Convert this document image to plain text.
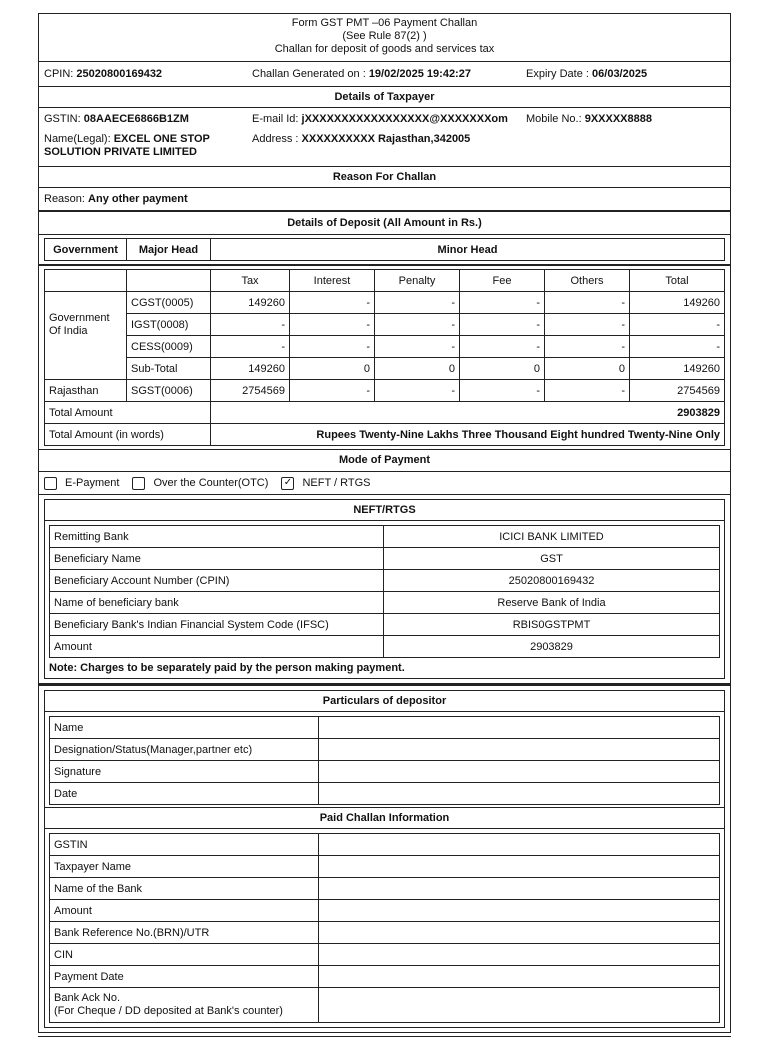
Form GST PMT –06 Payment Challan
(See Rule 87(2) )
Challan for deposit of goods and services tax
CPIN: 25020800169432	Challan Generated on : 19/02/2025 19:42:27	Expiry Date : 06/03/2025
Details of Taxpayer
GSTIN: 08AAECE6866B1ZM	E-mail Id: jXXXXXXXXXXXXXXXXX@XXXXXXXom Mobile No.: 9XXXXX8888
Name(Legal): EXCEL ONE STOP
SOLUTION PRIVATE LIMITED
Address : XXXXXXXXXX Rajasthan,342005
Reason For Challan
Reason: Any other payment
Details of Deposit (All Amount in Rs.)
Government	Major Head	Minor Head
		Tax	Interest	Penalty	Fee	Others	Total
Government Of India	CGST(0005)	149260	-	-	-	-	149260
	IGST(0008)	-	-	-	-	-	-
	CESS(0009)	-	-	-	-	-	-
	Sub-Total	149260	0	0	0	0	149260
Rajasthan	SGST(0006)	2754569	-	-	-	-	2754569
Total Amount		2903829					
Total Amount (in words)		Rupees Twenty-Nine Lakhs Three Thousand Eight hundred Twenty-Nine Only					
Mode of Payment
E-Payment	Over the Counter(OTC) ✓ NEFT / RTGS
NEFT/RTGS
Remitting Bank	ICICI BANK LIMITED
Beneficiary Name	GST
Beneficiary Account Number (CPIN)	25020800169432
Name of beneficiary bank	Reserve Bank of India
Beneficiary Bank's Indian Financial System Code (IFSC)	RBIS0GSTPMT
Amount	2903829
Note: Charges to be separately paid by the person making payment.
Particulars of depositor
Name	
Designation/Status(Manager,partner etc)	
Signature	
Date	
Paid Challan Information
GSTIN	
Taxpayer Name	
Name of the Bank	
Amount	
Bank Reference No.(BRN)/UTR	
CIN	
Payment Date	
Bank Ack No.
(For Cheque / DD deposited at Bank's counter)	
